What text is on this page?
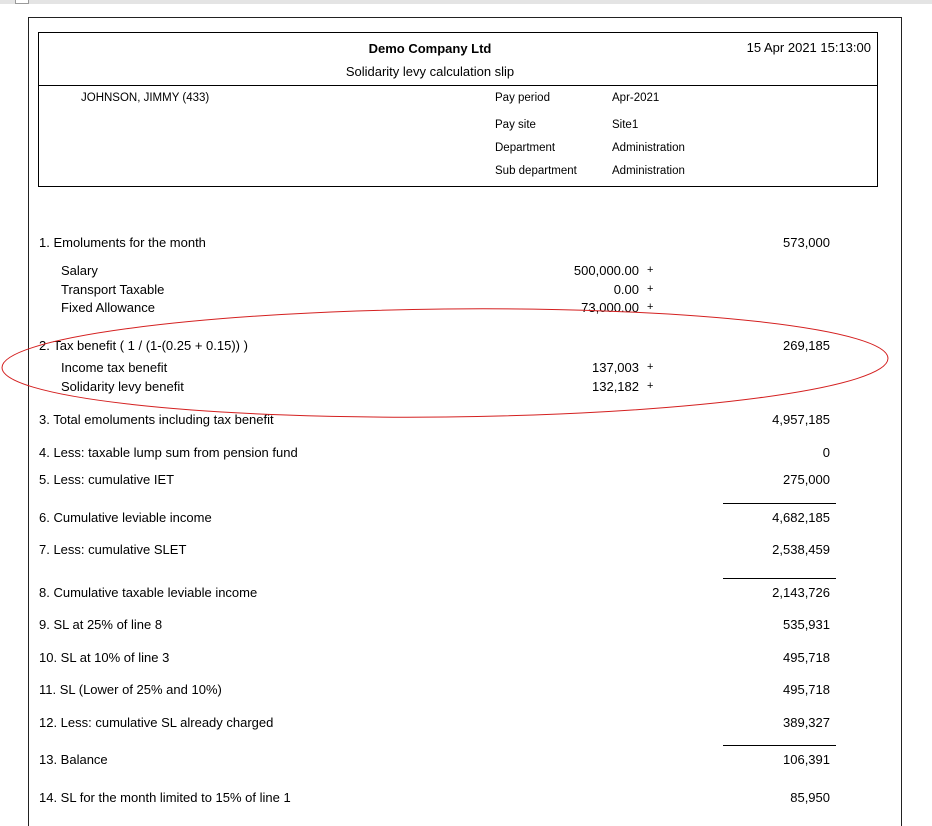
Demo Company Ltd
Solidarity levy calculation slip
15 Apr 2021 15:13:00
JOHNSON, JIMMY (433)	Pay period	Apr-2021
Pay site	Site1
Department	Administration
Sub department	Administration
1. Emoluments for the month	573,000
Salary	500,000.00 +
Transport Taxable	0.00 +
Fixed Allowance	73,000.00 +
2. Tax benefit ( 1 / (1-(0.25 + 0.15)) )	269,185
Income tax benefit	137,003 +
Solidarity levy benefit	132,182 +
3. Total emoluments including tax benefit	4,957,185
4. Less: taxable lump sum from pension fund	0
5. Less: cumulative IET	275,000
6. Cumulative leviable income	4,682,185
7. Less: cumulative SLET	2,538,459
8. Cumulative taxable leviable income	2,143,726
9. SL at 25% of line 8	535,931
10. SL at 10% of line 3	495,718
11. SL (Lower of 25% and 10%)	495,718
12. Less: cumulative SL already charged	389,327
13. Balance	106,391
14. SL for the month limited to 15% of line 1	85,950
